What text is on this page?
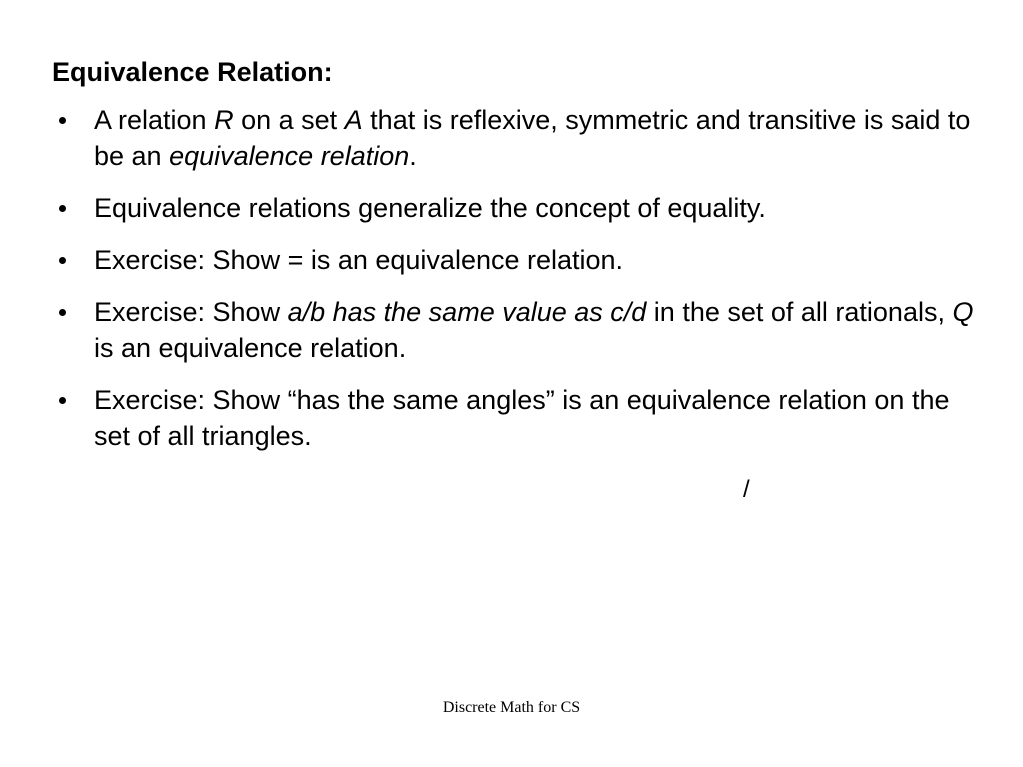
Equivalence Relation:
A relation R on a set A that is reflexive, symmetric and transitive is said to be an equivalence relation.
Equivalence relations generalize the concept of equality.
Exercise: Show = is an equivalence relation.
Exercise: Show a/b has the same value as c/d in the set of all rationals, Q is an equivalence relation.
Exercise: Show “has the same angles” is an equivalence relation on the set of all triangles.
/
Discrete Math for CS
